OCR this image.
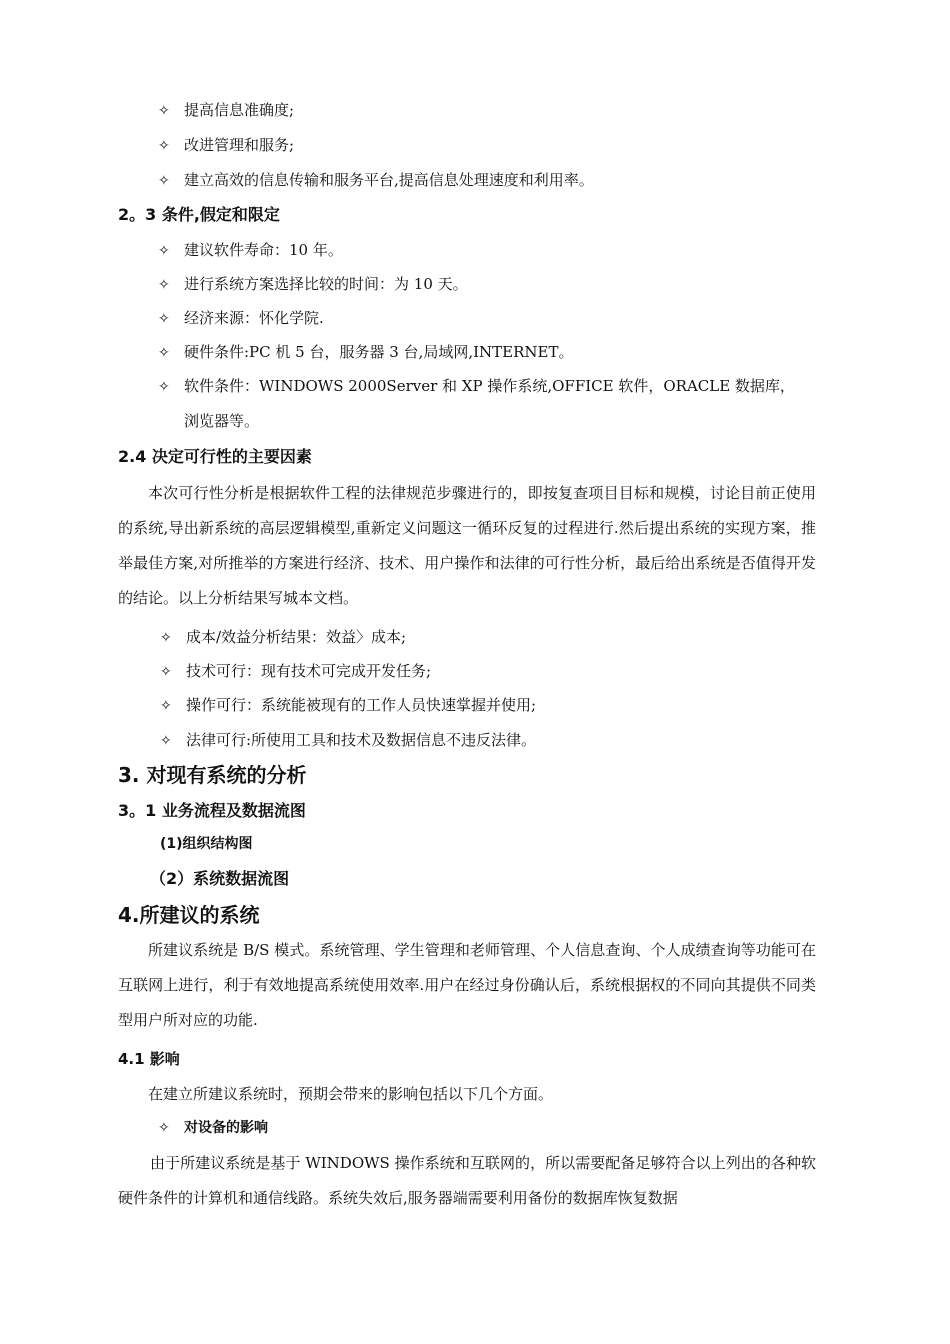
✧ 提高信息准确度;
✧ 改进管理和服务;
✧ 建立高效的信息传输和服务平台,提高信息处理速度和利用率。
2。3 条件,假定和限定
✧ 建议软件寿命：10 年。
✧ 进行系统方案选择比较的时间：为 10 天。
✧ 经济来源：怀化学院.
✧ 硬件条件:PC 机 5 台，服务器 3 台,局域网,INTERNET。
✧ 软件条件：WINDOWS 2000Server 和 XP 操作系统,OFFICE 软件，ORACLE 数据库，
浏览器等。
2.4 决定可行性的主要因素
本次可行性分析是根据软件工程的法律规范步骤进行的，即按复查项目目标和规模，讨论目前正使用的系统,导出新系统的高层逻辑模型,重新定义问题这一循环反复的过程进行.然后提出系统的实现方案，推举最佳方案,对所推举的方案进行经济、技术、用户操作和法律的可行性分析，最后给出系统是否值得开发的结论。以上分析结果写城本文档。
✧ 成本/效益分析结果：效益〉成本;
✧ 技术可行：现有技术可完成开发任务;
✧ 操作可行：系统能被现有的工作人员快速掌握并使用;
✧ 法律可行:所使用工具和技术及数据信息不违反法律。
3. 对现有系统的分析
3。1 业务流程及数据流图
(1)组织结构图
（2）系统数据流图
4.所建议的系统
所建议系统是 B/S 模式。系统管理、学生管理和老师管理、个人信息查询、个人成绩查询等功能可在互联网上进行，利于有效地提高系统使用效率.用户在经过身份确认后，系统根据权的不同向其提供不同类型用户所对应的功能.
4.1 影响
在建立所建议系统时，预期会带来的影响包括以下几个方面。
✧ 对设备的影响
由于所建议系统是基于 WINDOWS 操作系统和互联网的，所以需要配备足够符合以上列出的各种软硬件条件的计算机和通信线路。系统失效后,服务器端需要利用备份的数据库恢复数据
